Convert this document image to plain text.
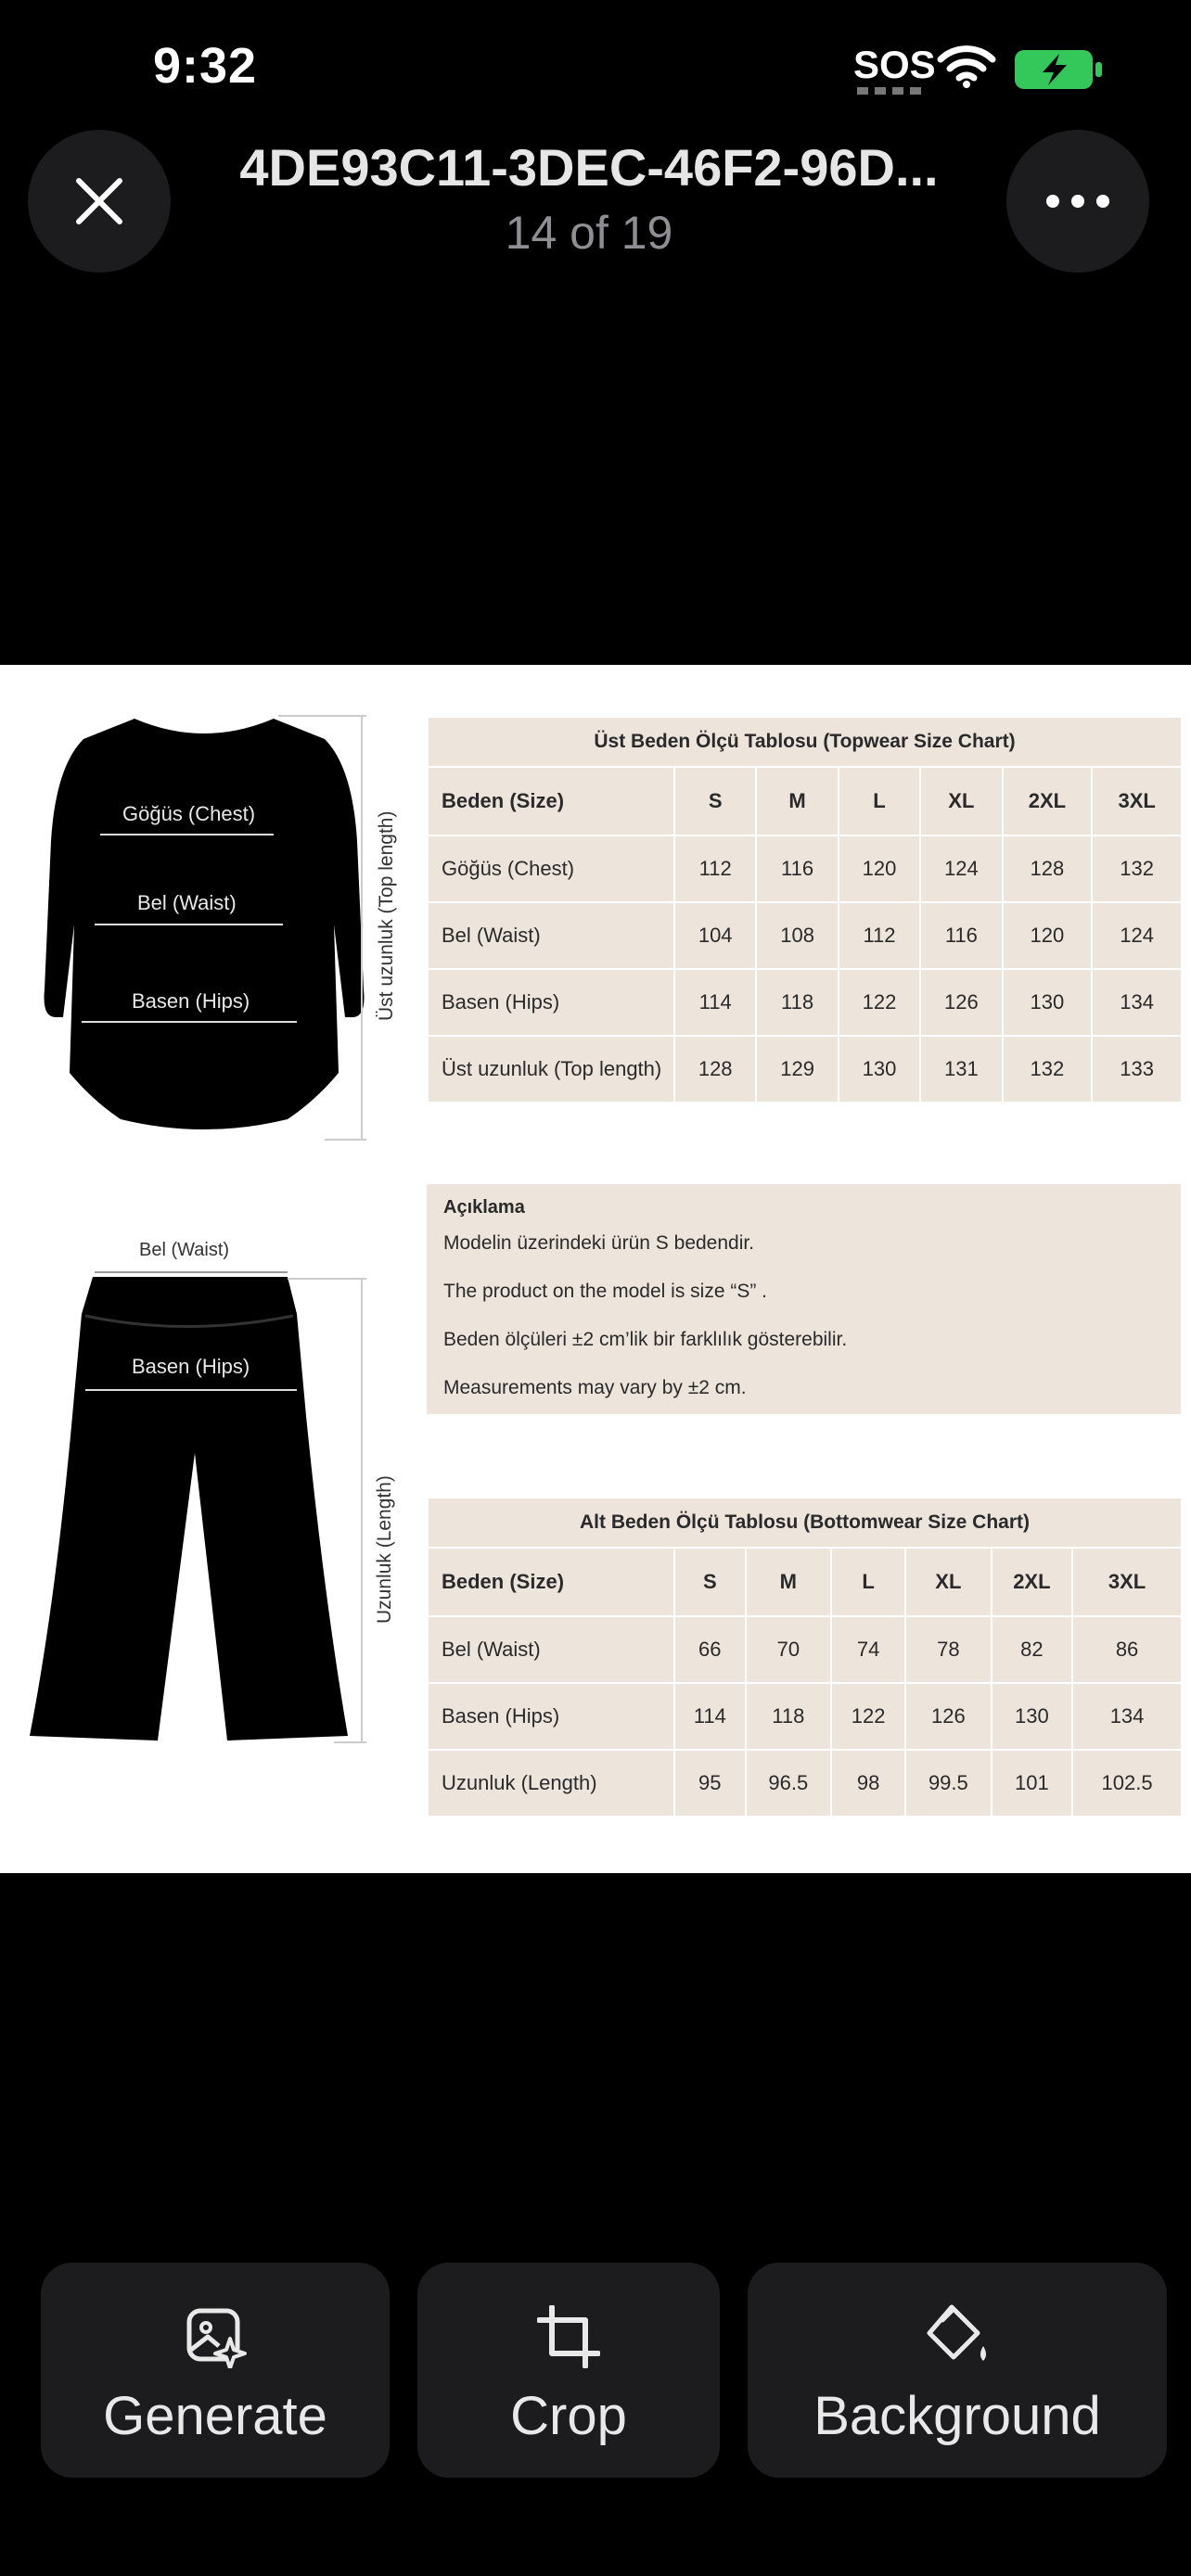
9:32	SOS
4DE93C11-3DEC-46F2-96D...
14 of 19
Göğüs (Chest)
Bel (Waist)
Basen (Hips)	Üst uzunluk (Top length)
Bel (Waist)
Basen (Hips)
Uzunluk (Length)
Üst Beden Ölçü Tablosu (Topwear Size Chart)						
Beden (Size)	S	M	L	XL	2XL	3XL
Göğüs (Chest)	112	116	120	124	128	132
Bel (Waist)	104	108	112	116	120	124
Basen (Hips)	114	118	122	126	130	134
Üst uzunluk (Top length)	128	129	130	131	132	133
Açıklama
Modelin üzerindeki ürün S bedendir.
The product on the model is size “S” .
Beden ölçüleri ±2 cm’lik bir farklılık gösterebilir.
Measurements may vary by ±2 cm.
Alt Beden Ölçü Tablosu (Bottomwear Size Chart)						
Beden (Size)	S	M	L	XL	2XL	3XL
Bel (Waist)	66	70	74	78	82	86
Basen (Hips)	114	118	122	126	130	134
Uzunluk (Length)	95	96.5	98	99.5	101	102.5
Generate	Crop	Background
